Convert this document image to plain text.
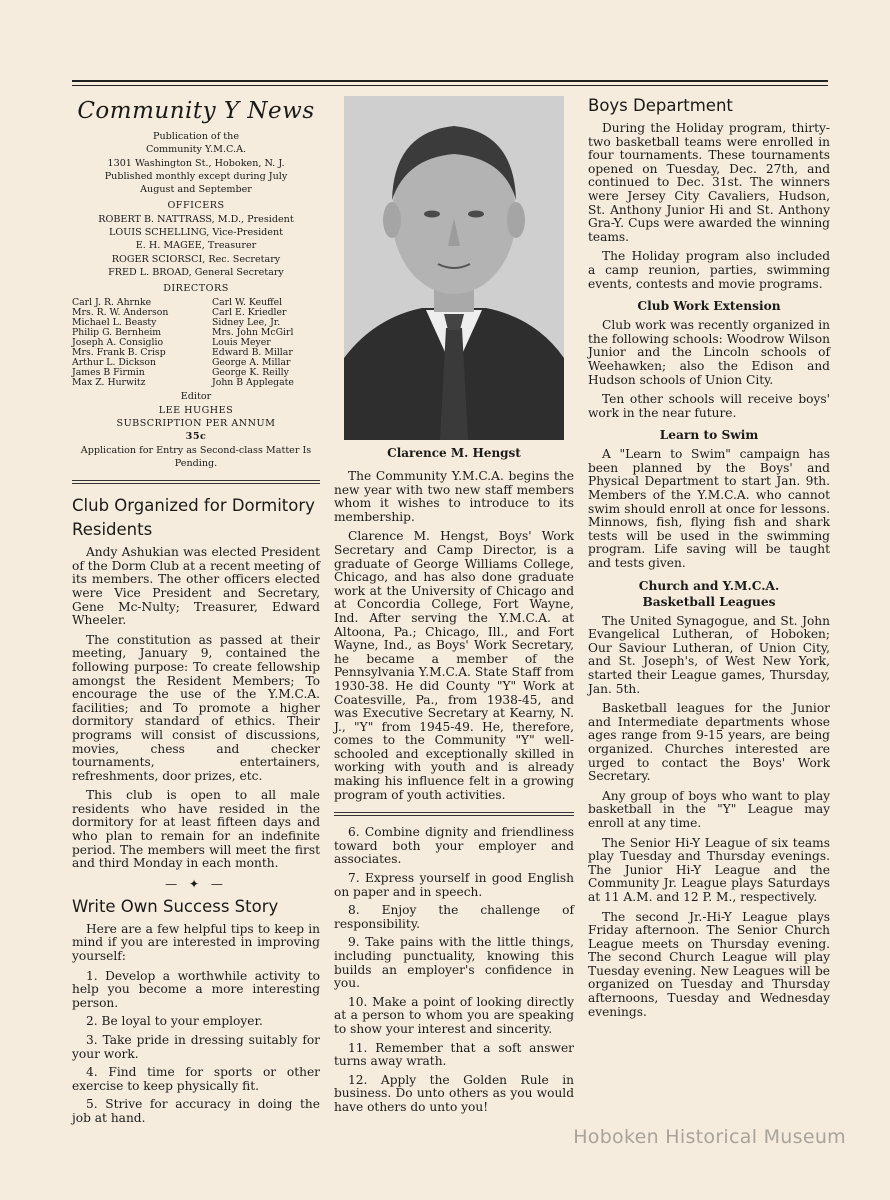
Community Y News

Publication of the

Community Y.M.C.A.

1301 Washington St., Hoboken, N. J.

Published monthly except during July

August and September

OFFICERS

ROBERT B. NATTRASS, M.D., President

LOUIS SCHELLING, Vice-President

E. H. MAGEE, Treasurer

ROGER SCIORSCI, Rec. Secretary

FRED L. BROAD, General Secretary

DIRECTORS

Carl J. R. Ahrnke
Mrs. R. W. Anderson
Michael L. Beasty
Philip G. Bernheim
Joseph A. Consiglio
Mrs. Frank B. Crisp
Arthur L. Dickson
James B Firmin
Max Z. Hurwitz
Carl W. Keuffel
Carl E. Kriedler
Sidney Lee, Jr.
Mrs. John McGirl
Louis Meyer
Edward B. Millar
George A. Millar
George K. Reilly
John B Applegate

Editor

LEE HUGHES

SUBSCRIPTION PER ANNUM

35c

Application for Entry as Second-class Matter Is Pending.

Club Organized for Dormitory Residents

Andy Ashukian was elected President of the Dorm Club at a recent meeting of its members. The other officers elected were Vice President and Secretary, Gene Mc-Nulty; Treasurer, Edward Wheeler.

The constitution as passed at their meeting, January 9, contained the following purpose: To create fellowship amongst the Resident Members; To encourage the use of the Y.M.C.A. facilities; and To promote a higher dormitory standard of ethics. Their programs will consist of discussions, movies, chess and checker tournaments, entertainers, refreshments, door prizes, etc.

This club is open to all male residents who have resided in the dormitory for at least fifteen days and who plan to remain for an indefinite period. The members will meet the first and third Monday in each month.

— ✦ —
Write Own Success Story

Here are a few helpful tips to keep in mind if you are interested in improving yourself:

1. Develop a worthwhile activity to help you become a more interesting person.

2. Be loyal to your employer.

3. Take pride in dressing suitably for your work.

4. Find time for sports or other exercise to keep physically fit.

5. Strive for accuracy in doing the job at hand.

Clarence M. Hengst

The Community Y.M.C.A. begins the new year with two new staff members whom it wishes to introduce to its membership.

Clarence M. Hengst, Boys' Work Secretary and Camp Director, is a graduate of George Williams College, Chicago, and has also done graduate work at the University of Chicago and at Concordia College, Fort Wayne, Ind. After serving the Y.M.C.A. at Altoona, Pa.; Chicago, Ill., and Fort Wayne, Ind., as Boys' Work Secretary, he became a member of the Pennsylvania Y.M.C.A. State Staff from 1930-38. He did County "Y" Work at Coatesville, Pa., from 1938-45, and was Executive Secretary at Kearny, N. J., "Y" from 1945-49. He, therefore, comes to the Community "Y" well-schooled and exceptionally skilled in working with youth and is already making his influence felt in a growing program of youth activities.

6. Combine dignity and friendliness toward both your employer and associates.

7. Express yourself in good English on paper and in speech.

8. Enjoy the challenge of responsibility.

9. Take pains with the little things, including punctuality, knowing this builds an employer's confidence in you.

10. Make a point of looking directly at a person to whom you are speaking to show your interest and sincerity.

11. Remember that a soft answer turns away wrath.

12. Apply the Golden Rule in business. Do unto others as you would have others do unto you!

Boys Department

During the Holiday program, thirty-two basketball teams were enrolled in four tournaments. These tournaments opened on Tuesday, Dec. 27th, and continued to Dec. 31st. The winners were Jersey City Cavaliers, Hudson, St. Anthony Junior Hi and St. Anthony Gra-Y. Cups were awarded the winning teams.

The Holiday program also included a camp reunion, parties, swimming events, contests and movie programs.

Club Work Extension

Club work was recently organized in the following schools: Woodrow Wilson Junior and the Lincoln schools of Weehawken; also the Edison and Hudson schools of Union City.

Ten other schools will receive boys' work in the near future.

Learn to Swim

A "Learn to Swim" campaign has been planned by the Boys' and Physical Department to start Jan. 9th. Members of the Y.M.C.A. who cannot swim should enroll at once for lessons. Minnows, fish, flying fish and shark tests will be used in the swimming program. Life saving will be taught and tests given.

Church and Y.M.C.A.
Basketball Leagues

The United Synagogue, and St. John Evangelical Lutheran, of Hoboken; Our Saviour Lutheran, of Union City, and St. Joseph's, of West New York, started their League games, Thursday, Jan. 5th.

Basketball leagues for the Junior and Intermediate departments whose ages range from 9-15 years, are being organized. Churches interested are urged to contact the Boys' Work Secretary.

Any group of boys who want to play basketball in the "Y" League may enroll at any time.

The Senior Hi-Y League of six teams play Tuesday and Thursday evenings. The Junior Hi-Y League and the Community Jr. League plays Saturdays at 11 A.M. and 12 P. M., respectively.

The second Jr.-Hi-Y League plays Friday afternoon. The Senior Church League meets on Thursday evening. The second Church League will play Tuesday evening. New Leagues will be organized on Tuesday and Thursday afternoons, Tuesday and Wednesday evenings.

Hoboken Historical Museum
